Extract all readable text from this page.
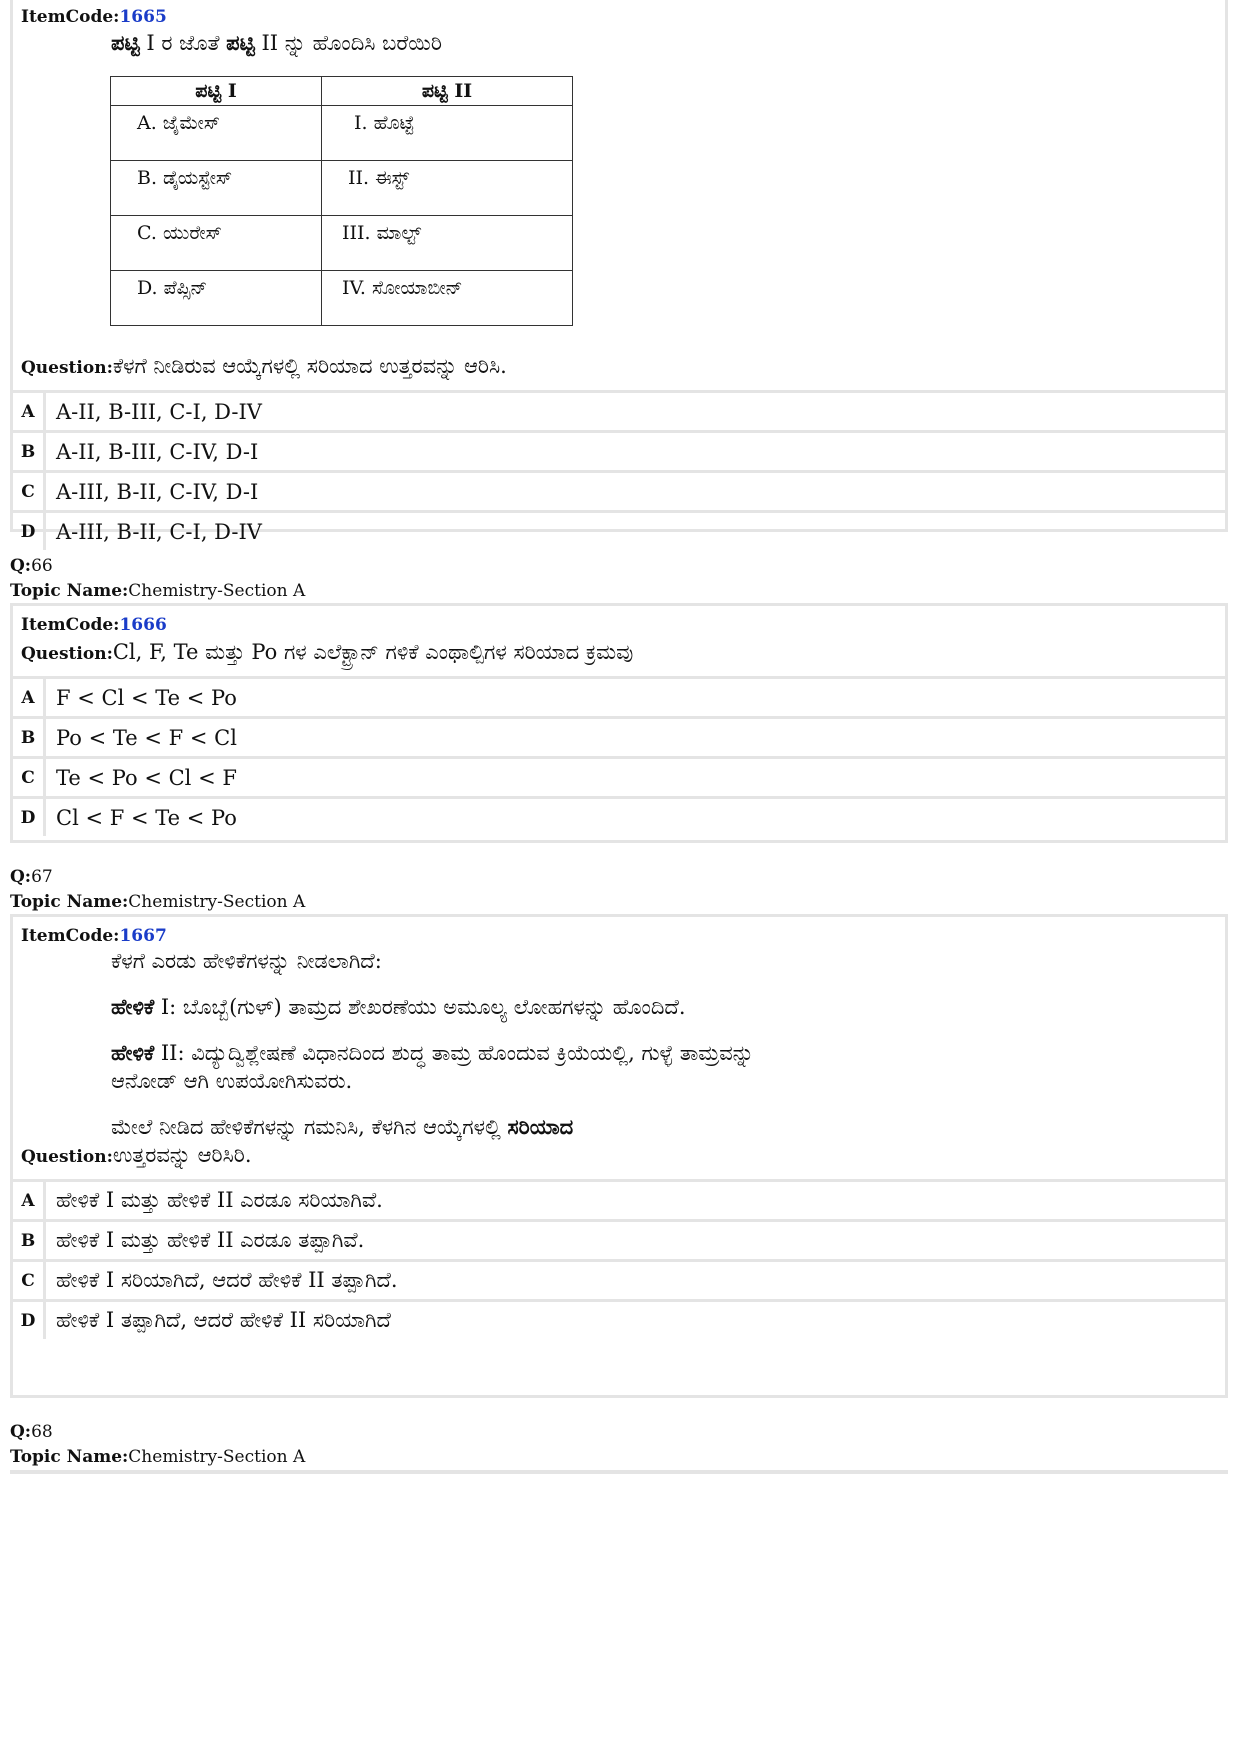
ItemCode:1665
ಪಟ್ಟಿ I ರ ಜೊತೆ ಪಟ್ಟಿ II ನ್ನು ಹೊಂದಿಸಿ ಬರೆಯಿರಿ
ಪಟ್ಟಿ I	ಪಟ್ಟಿ II
A. ಜೈಮೇಸ್	I. ಹೊಟ್ಟೆ
B. ಡೈಯಸ್ಟೇಸ್	II. ಈಸ್ಟ್
C. ಯುರೇಸ್	III. ಮಾಲ್ಟ್
D. ಪೆಪ್ಸಿನ್	IV. ಸೋಯಾಬೀನ್
Question:ಕೆಳಗೆ ನೀಡಿರುವ ಆಯ್ಕೆಗಳಲ್ಲಿ ಸರಿಯಾದ ಉತ್ತರವನ್ನು ಆರಿಸಿ.
A	A-II, B-III, C-I, D-IV
B A-II, B-III, C-IV, D-I
C	A-III, B-II, C-IV, D-I
D A-III, B-II, C-I, D-IV
Q:66
Topic Name:Chemistry-Section A
ItemCode:1666
Question:Cl, F, Te ಮತ್ತು Po ಗಳ ಎಲೆಕ್ಟ್ರಾನ್ ಗಳಿಕೆ ಎಂಥಾಲ್ಪಿಗಳ ಸರಿಯಾದ ಕ್ರಮವು
A	F < Cl < Te < Po
B Po < Te < F < Cl
C	Te < Po < Cl < F
D Cl < F < Te < Po
Q:67
Topic Name:Chemistry-Section A
ItemCode:1667
ಕೆಳಗೆ ಎರಡು ಹೇಳಿಕೆಗಳನ್ನು ನೀಡಲಾಗಿದೆ:
ಹೇಳಿಕೆ I: ಬೊಬ್ಬೆ(ಗುಳ್) ತಾಮ್ರದ ಶೇಖರಣೆಯು ಅಮೂಲ್ಯ ಲೋಹಗಳನ್ನು ಹೊಂದಿದೆ.
ಹೇಳಿಕೆ II: ವಿದ್ಯುದ್ವಿಶ್ಲೇಷಣೆ ವಿಧಾನದಿಂದ ಶುದ್ಧ ತಾಮ್ರ ಹೊಂದುವ ಕ್ರಿಯೆಯಲ್ಲಿ, ಗುಳ್ಳೆ ತಾಮ್ರವನ್ನು ಆನೋಡ್ ಆಗಿ ಉಪಯೋಗಿಸುವರು.
ಮೇಲೆ ನೀಡಿದ ಹೇಳಿಕೆಗಳನ್ನು ಗಮನಿಸಿ, ಕೆಳಗಿನ ಆಯ್ಕೆಗಳಲ್ಲಿ ಸರಿಯಾದ
Question:ಉತ್ತರವನ್ನು ಆರಿಸಿರಿ.
A	ಹೇಳಿಕೆ I ಮತ್ತು ಹೇಳಿಕೆ II ಎರಡೂ ಸರಿಯಾಗಿವೆ.
B ಹೇಳಿಕೆ I ಮತ್ತು ಹೇಳಿಕೆ II ಎರಡೂ ತಪ್ಪಾಗಿವೆ.
C	ಹೇಳಿಕೆ I ಸರಿಯಾಗಿದೆ, ಆದರೆ ಹೇಳಿಕೆ II ತಪ್ಪಾಗಿದೆ.
D ಹೇಳಿಕೆ I ತಪ್ಪಾಗಿದೆ, ಆದರೆ ಹೇಳಿಕೆ II ಸರಿಯಾಗಿದೆ
Q:68
Topic Name:Chemistry-Section A
